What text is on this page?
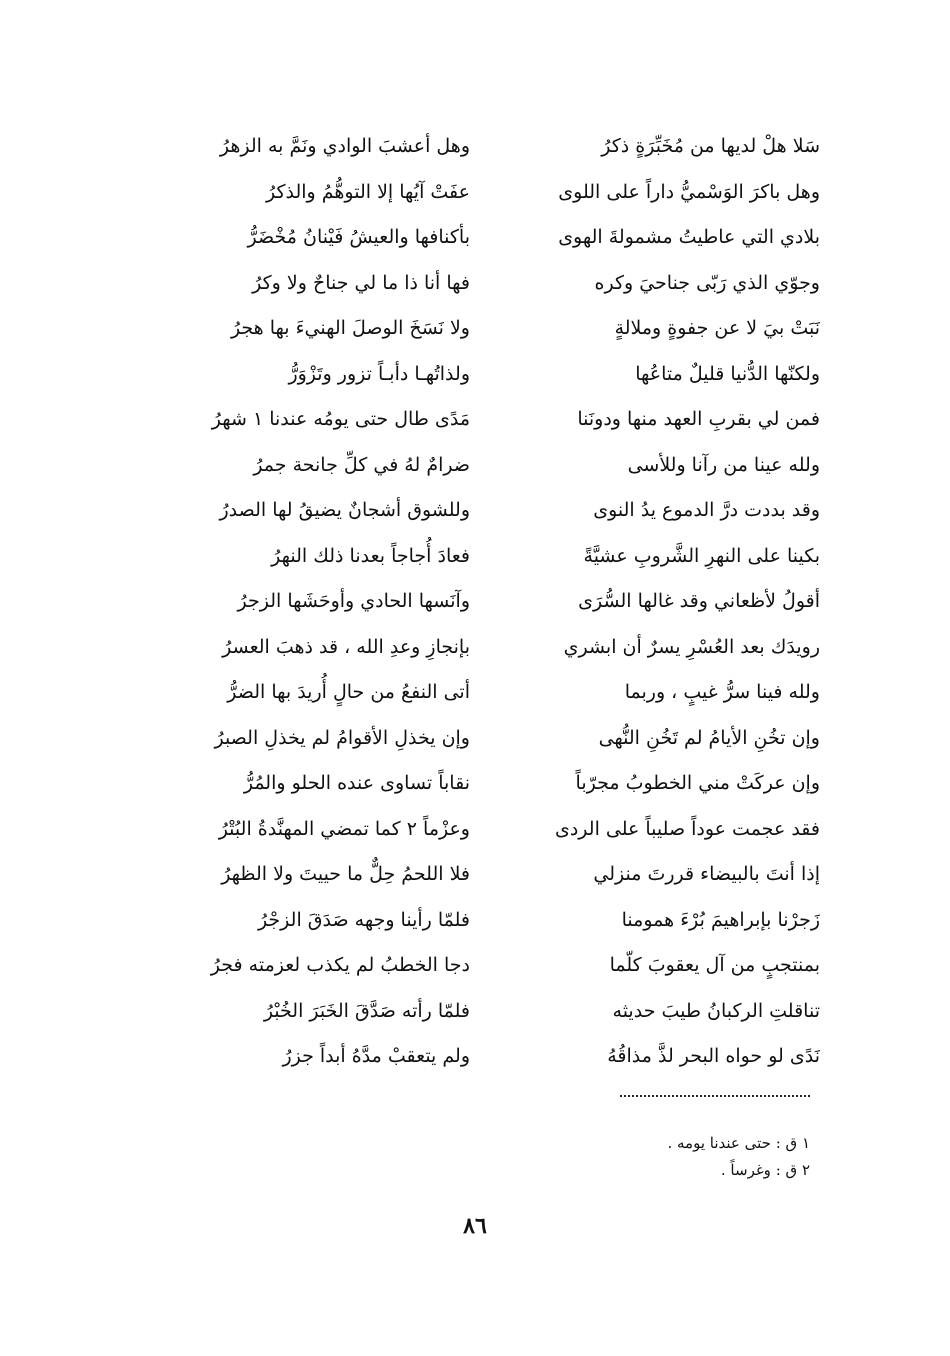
سَلا هلْ لديها من مُخَبِّرَةٍ ذكرُ
وهل أعشبَ الوادي ونَمَّ به الزهرُ
وهل باكرَ الوَسْميُّ داراً على اللوى
عفَتْ آيُها إلا التوهُّمُ والذكرُ
بلادي التي عاطيتُ مشمولةَ الهوى
بأكنافها والعيشُ فَيْنانُ مُخْضَرُّ
وجوّي الذي رَبّى جناحيَ وكره
فها أنا ذا ما لي جناحٌ ولا وكرُ
نَبَتْ بيَ لا عن جفوةٍ وملالةٍ
ولا نَسَخَ الوصلَ الهنيءَ بها هجرُ
ولكنّها الدُّنيا قليلٌ متاعُها
ولذاتُهـا دأبـاً تزور وتَزْوَرُّ
فمن لي بقربِ العهد منها ودونَنا
مَدًى طال حتى يومُه عندنا ١ شهرُ
ولله عينا من رآنا وللأسى
ضرامٌ لهُ في كلِّ جانحة جمرُ
وقد بددت درَّ الدموع يدُ النوى
وللشوق أشجانٌ يضيقُ لها الصدرُ
بكينا على النهرِ الشَّروبِ عشيَّةً
فعادَ أُجاجاً بعدنا ذلك النهرُ
أقولُ لأظعاني وقد غالها السُّرَى
وآنَسها الحادي وأوحَشَها الزجرُ
رويدَك بعد العُسْرِ يسرٌ أن ابشري
بإنجازِ وعدِ الله ، قد ذهبَ العسرُ
ولله فينا سرُّ غيبٍ ، وربما
أتى النفعُ من حالٍ أُريدَ بها الضرُّ
وإن تخُنِ الأيامُ لم تَخُنِ النُّهى
وإن يخذلِ الأقوامُ لم يخذلِ الصبرُ
وإن عركَتْ مني الخطوبُ مجرّباً
نقاباً تساوى عنده الحلو والمُرُّ
فقد عجمت عوداً صليباً على الردى
وعزْماً ٢ كما تمضي المهنَّدةُ البُتْرُ
إذا أنتَ بالبيضاء قررتَ منزلي
فلا اللحمُ حِلٌّ ما حييتَ ولا الظهرُ
زَجرْنا بإبراهيمَ بُرْءَ همومنا
فلمّا رأينا وجهه صَدَقَ الزجْرُ
بمنتجبٍ من آل يعقوبَ كلّما
دجا الخطبُ لم يكذب لعزمته فجرُ
تناقلتِ الركبانُ طيبَ حديثه
فلمّا رأته صَدَّقَ الخَبَرَ الخُبْرُ
نَدًى لو حواه البحر لذَّ مذاقُهُ
ولم يتعقبْ مدَّهُ أبداً جزرُ
١ ق : حتى عندنا يومه .
٢ ق : وغرساً .
٨٦
